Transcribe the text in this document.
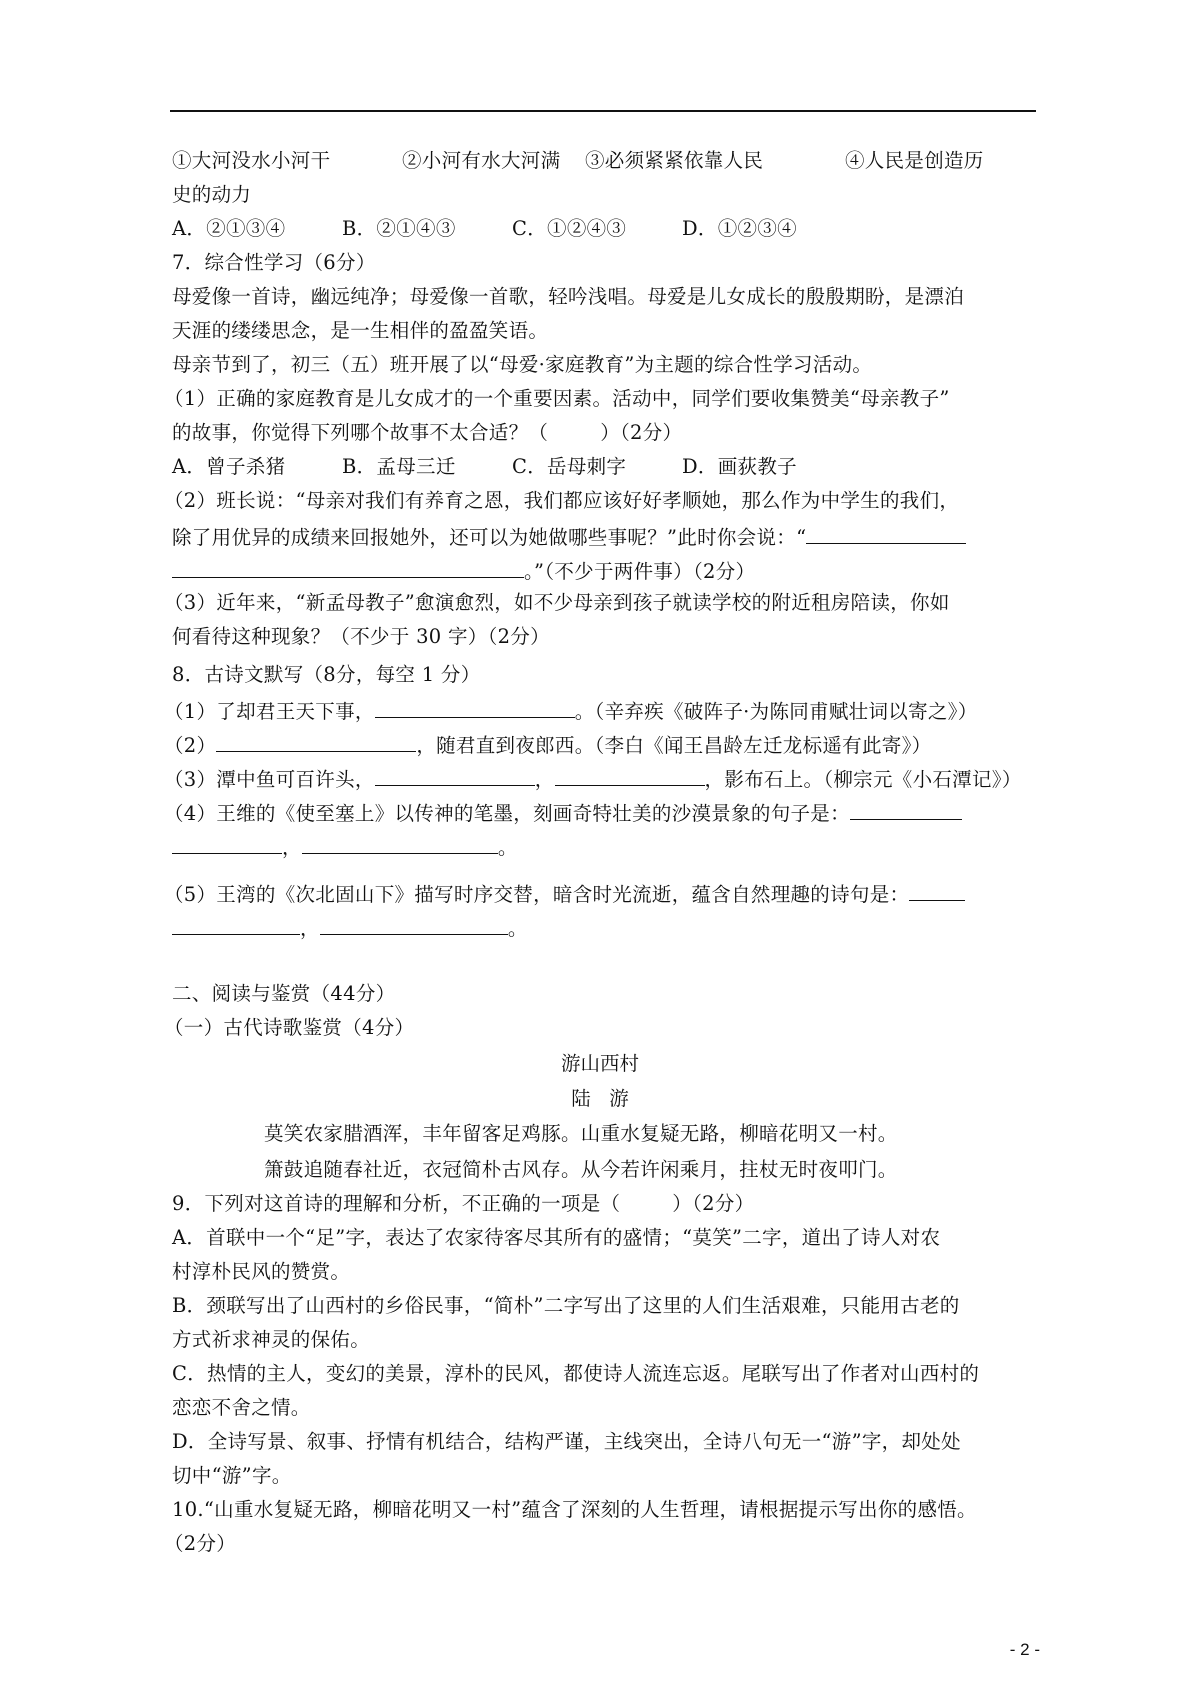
①大河没水小河干	②小河有水大河满 ③必须紧紧依靠人民	④人民是创造历
史的动力
A．②①③④	B．②①④③	C．①②④③	D．①②③④
7．综合性学习（6分）
母爱像一首诗，幽远纯净；母爱像一首歌，轻吟浅唱。母爱是儿女成长的殷殷期盼，是漂泊
天涯的缕缕思念，是一生相伴的盈盈笑语。
母亲节到了，初三（五）班开展了以“母爱·家庭教育”为主题的综合性学习活动。
（1）正确的家庭教育是儿女成才的一个重要因素。活动中，同学们要收集赞美“母亲教子”
的故事，你觉得下列哪个故事不太合适？（        ）（2分）
A．曾子杀猪	B．孟母三迁	C．岳母刺字	D．画荻教子
（2）班长说：“母亲对我们有养育之恩，我们都应该好好孝顺她，那么作为中学生的我们，
除了用优异的成绩来回报她外，还可以为她做哪些事呢？”此时你会说：“
。”（不少于两件事）（2分）
（3）近年来，“新孟母教子”愈演愈烈，如不少母亲到孩子就读学校的附近租房陪读，你如
何看待这种现象？（不少于 30 字）（2分）
8．古诗文默写（8分，每空 1 分）
（1）了却君王天下事，	。（辛弃疾《破阵子·为陈同甫赋壮词以寄之》）
（2）	，随君直到夜郎西。（李白《闻王昌龄左迁龙标遥有此寄》）
（3）潭中鱼可百许头，	，	，影布石上。（柳宗元《小石潭记》）
（4）王维的《使至塞上》以传神的笔墨，刻画奇特壮美的沙漠景象的句子是：
，	。
（5）王湾的《次北固山下》描写时序交替，暗含时光流逝，蕴含自然理趣的诗句是：
，	。
二、阅读与鉴赏（44分）
（一）古代诗歌鉴赏（4分）
游山西村
陆   游
莫笑农家腊酒浑，丰年留客足鸡豚。山重水复疑无路，柳暗花明又一村。
箫鼓追随春社近，衣冠简朴古风存。从今若许闲乘月，拄杖无时夜叩门。
9．下列对这首诗的理解和分析，不正确的一项是（        ）（2分）
A．首联中一个“足”字，表达了农家待客尽其所有的盛情；“莫笑”二字，道出了诗人对农
村淳朴民风的赞赏。
B．颈联写出了山西村的乡俗民事，“简朴”二字写出了这里的人们生活艰难，只能用古老的
方式祈求神灵的保佑。
C．热情的主人，变幻的美景，淳朴的民风，都使诗人流连忘返。尾联写出了作者对山西村的
恋恋不舍之情。
D．全诗写景、叙事、抒情有机结合，结构严谨，主线突出，全诗八句无一“游”字，却处处
切中“游”字。
10.“山重水复疑无路，柳暗花明又一村”蕴含了深刻的人生哲理，请根据提示写出你的感悟。
（2分）
- 2 -
